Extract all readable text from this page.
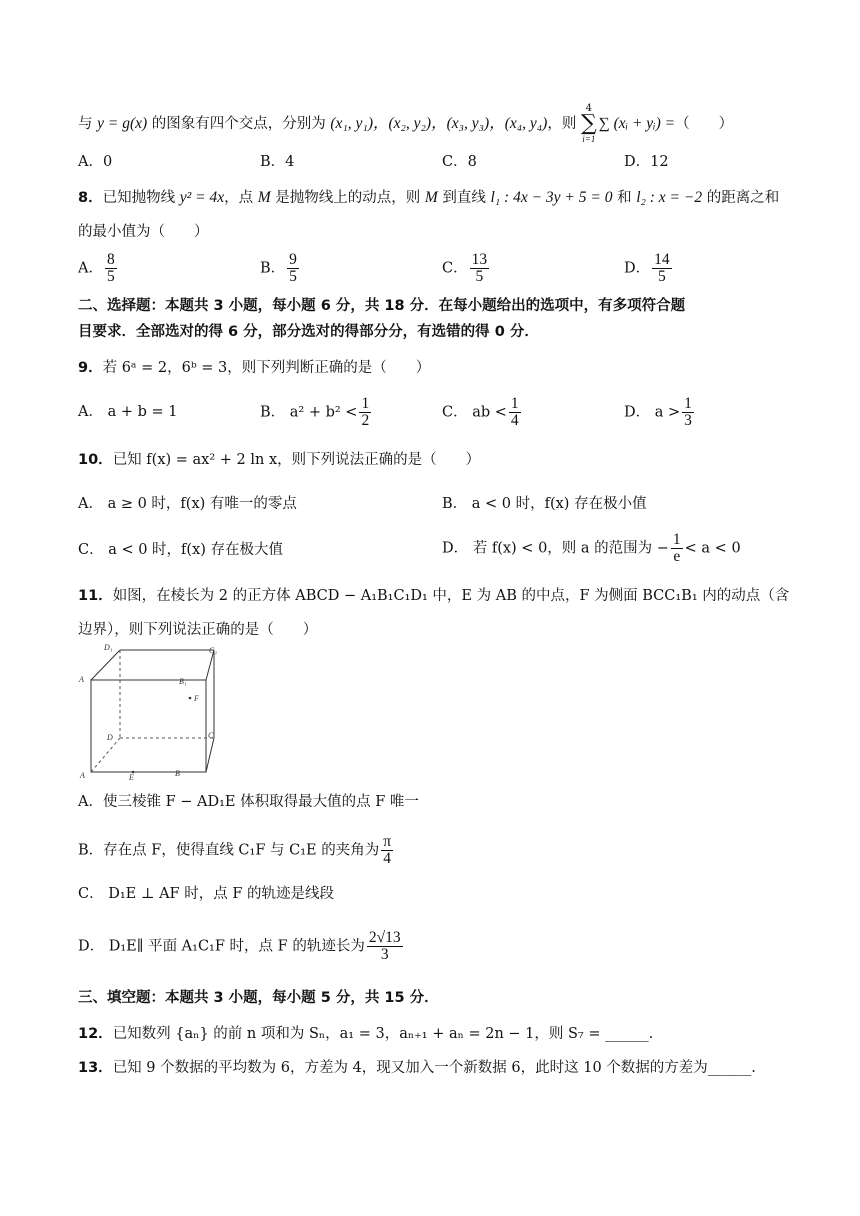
与 y = g(x) 的图象有四个交点，分别为 (x₁, y₁)，(x₂, y₂)，(x₃, y₃)，(x₄, y₄)，则
4
∑
i=1
∑ (xᵢ + yᵢ) =（　　）
A．0	B．4	C．8	D．12
8．已知抛物线 y² = 4x，点 M 是抛物线上的动点，则 M 到直线 l₁ : 4x − 3y + 5 = 0 和 l₂ : x = −2 的距离之和
的最小值为（　　）
A． $\frac{8}{5}$	B． $\frac{9}{5}$	C． $\frac{13}{5}$	D． $\frac{14}{5}$
二、选择题：本题共 3 小题，每小题 6 分，共 18 分．在每小题给出的选项中，有多项符合题
目要求．全部选对的得 6 分，部分选对的得部分分，有选错的得 0 分．
9．若 6ᵃ = 2，6ᵇ = 3，则下列判断正确的是（　　）
A． a + b = 1	B． $a^2 + b^2 < \frac{1}{2}$	C． ab < $\frac{1}{4}$	D． $a > \frac{1}{3}$
10．已知 f(x) = ax² + 2 ln x，则下列说法正确的是（　　）
A． a ≥ 0 时，f(x) 有唯一的零点	B． a < 0 时，f(x) 存在极小值
C． a < 0 时，f(x) 存在极大值	D． 若 f(x) < 0，则 a 的范围为 − $\frac{1}{e} < a < 0$
11．如图，在棱长为 2 的正方体 ABCD − A₁B₁C₁D₁ 中，E 为 AB 的中点，F 为侧面 BCC₁B₁ 内的动点（含
边界），则下列说法正确的是（　　）
D₁	C₁
A	B₁
F
D	C
A	E	B
A．使三棱锥 F − AD₁E 体积取得最大值的点 F 唯一
B．存在点 F，使得直线 C₁F 与 C₁E 的夹角为 $\frac{\pi}{4}$
C． D₁E ⊥ AF 时，点 F 的轨迹是线段
D． D₁E∥ 平面 A₁C₁F 时，点 F 的轨迹长为 $\frac{2√13}{3}$
三、填空题：本题共 3 小题，每小题 5 分，共 15 分．
12．已知数列 {aₙ} 的前 n 项和为 Sₙ，a₁ = 3，aₙ₊₁ + aₙ = 2n − 1，则 S₇ = ______.
13．已知 9 个数据的平均数为 6，方差为 4，现又加入一个新数据 6，此时这 10 个数据的方差为______.
